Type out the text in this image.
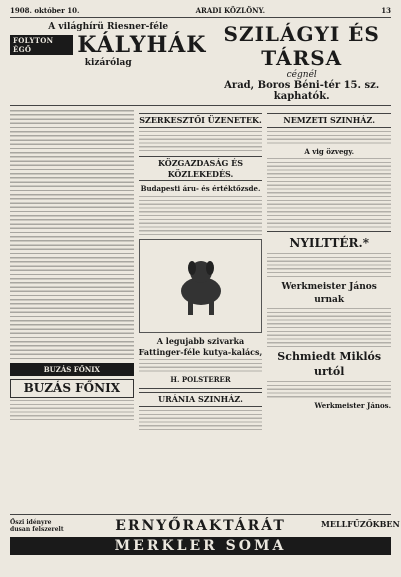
1908. október 10.	ARADI KÖZLÖNY.	13
A világhírü Riesner-féle
FOLYTON ÉGŐ	KÁLYHÁK
kizárólag
SZILÁGYI ÉS TÁRSA
cégnél
Arad, Boros Béni-tér 15. sz. kaphatók.
BUZÁS FŐNIX
BUZÁS FŐNIX
SZERKESZTŐI ÜZENETEK.
KÖZGAZDASÁG ÉS KÖZLEKEDÉS.
Budapesti áru- és értéktőzsde.
A legujabb szivarka
Fattinger-féle kutya-kalács,
H. POLSTERER
URÁNIA SZINHÁZ.
NEMZETI SZINHÁZ.
A vig özvegy.
NYILTTÉR.*
Werkmeister János urnak
Schmiedt Miklós urtól
Werkmeister János.
Őszi idényre dusan felszerelt	ERNYŐRAKTÁRÁT
MERKLER SOMA
MELLFŰZŐKBEN
